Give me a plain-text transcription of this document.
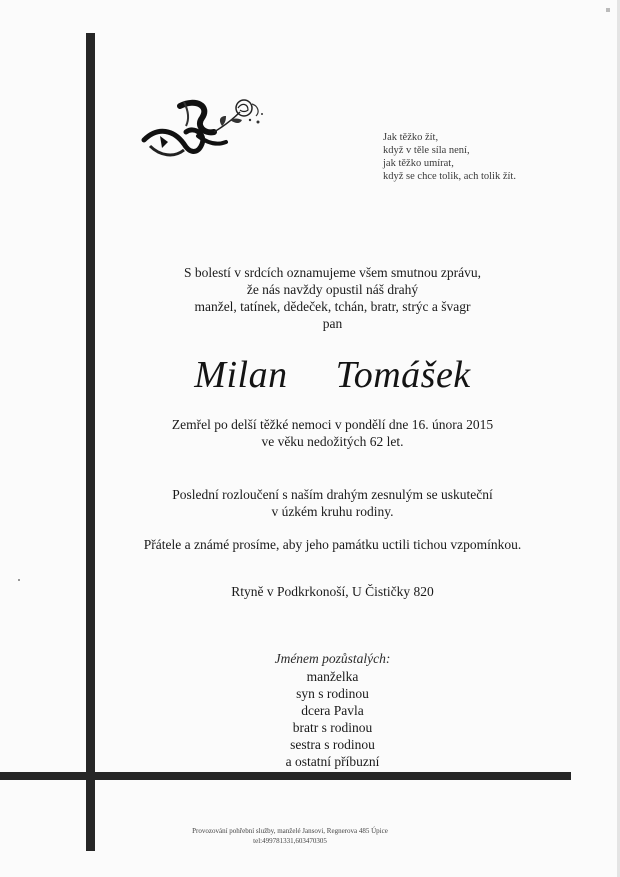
Jak těžko žít,
když v těle síla není,
jak těžko umírat,
když se chce tolik, ach tolik žít.
S bolestí v srdcích oznamujeme všem smutnou zprávu,
že nás navždy opustil náš drahý
manžel, tatínek, dědeček, tchán, bratr, strýc a švagr
pan
Milan  Tomášek
Zemřel po delší těžké nemoci v pondělí dne 16. února 2015
ve věku nedožitých 62 let.
Poslední rozloučení s naším drahým zesnulým se uskuteční
v úzkém kruhu rodiny.
Přátele a známé prosíme, aby jeho památku uctili tichou vzpomínkou.
Rtyně v Podkrkonoší, U Čističky 820
Jménem pozůstalých:
manželka
syn s rodinou
dcera Pavla
bratr s rodinou
sestra s rodinou
a ostatní příbuzní
Provozování pohřební služby, manželé Jansovi, Regnerova 485 Úpice
tel:499781331,603470305
